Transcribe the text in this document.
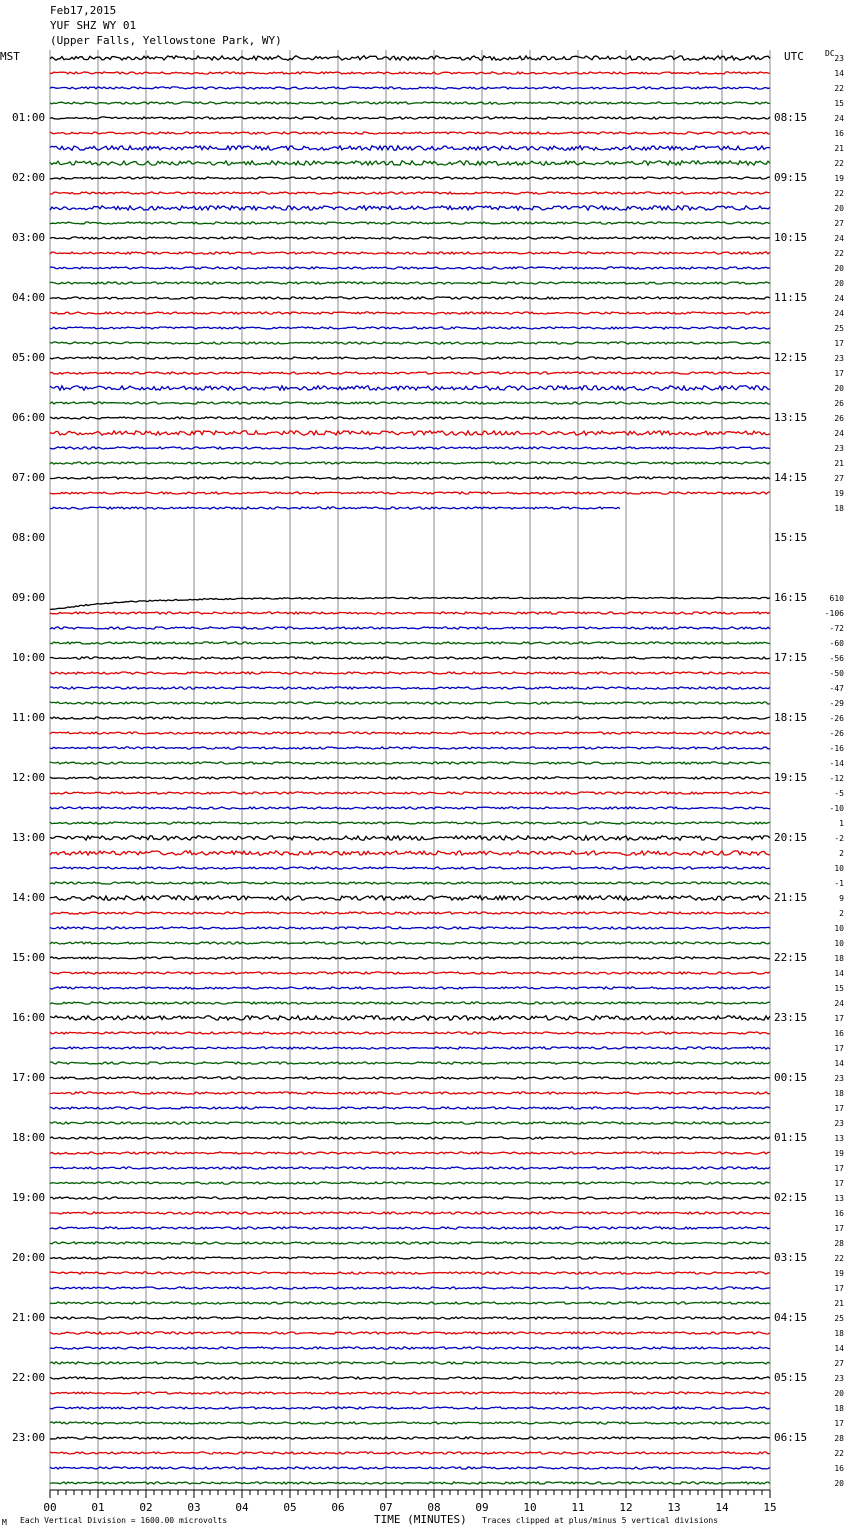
Feb17,2015
YUF SHZ WY 01
(Upper Falls, Yellowstone Park, WY)
MST	UTC	DC
00	01	02	03	04	05	06	07	08	09	10	11	12	13	14	15
01:00
02:00
03:00
04:00
05:00
06:00
07:00
08:00
09:00
10:00
11:00
12:00
13:00
14:00
15:00
16:00
17:00
18:00
19:00
20:00
21:00
22:00
23:00
08:15
09:15
10:15
11:15
12:15
13:15
14:15
15:15
16:15
17:15
18:15
19:15
20:15
21:15
22:15
23:15
00:15
01:15
02:15
03:15
04:15
05:15
06:15
23
14
22
15
24
16
21
22
19
22
20
27
24
22
20
20
24
24
25
17
23
17
20
26
26
24
23
21
27
19
18
610
-106
-72
-60
-56
-50
-47
-29
-26
-26
-16
-14
-12
-5
-10
1
-2
2
10
-1
9
2
10
10
18
14
15
24
17
16
17
14
23
18
17
23
13
19
17
17
13
16
17
28
22
19
17
21
25
18
14
27
23
20
18
17
28
22
16
20
M Each Vertical Division = 1600.00 microvolts	TIME (MINUTES) Traces clipped at plus/minus 5 vertical divisions
